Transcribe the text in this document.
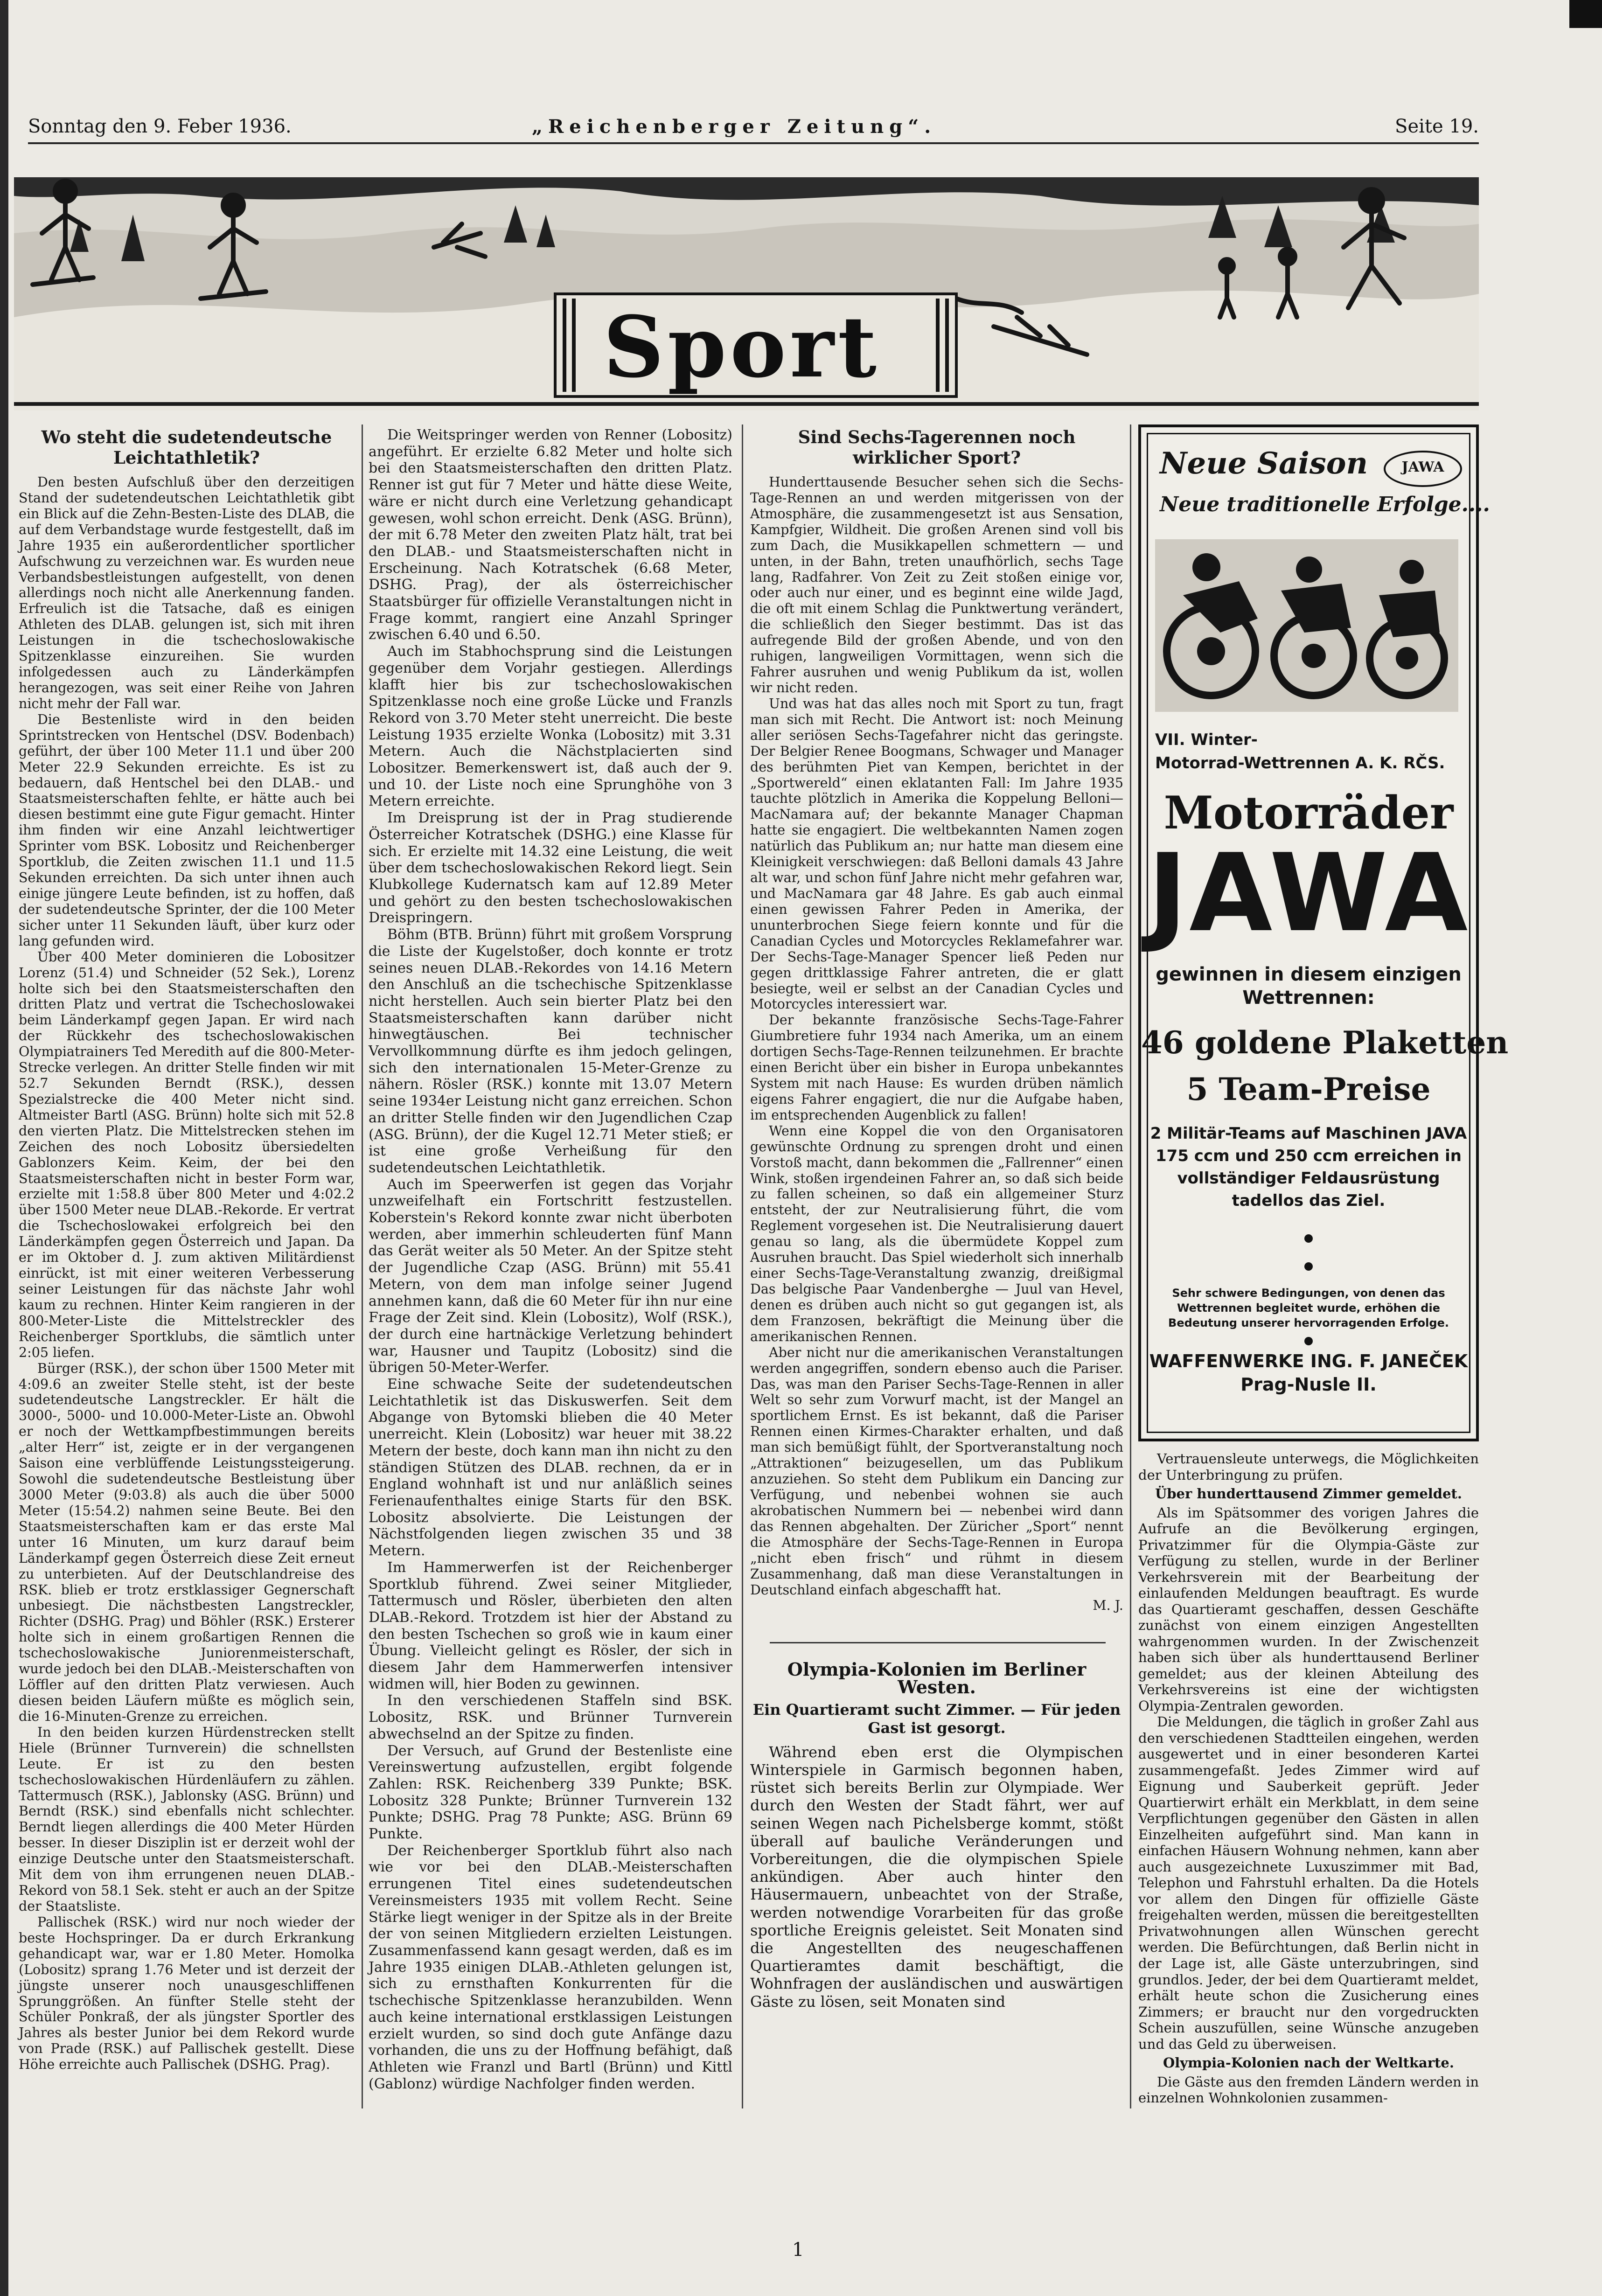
Sonntag den 9. Feber 1936.	„Reichenberger Zeitung“.	Seite 19.
Sport
Wo steht die sudetendeutsche Leichtathletik?

Den besten Aufschluß über den derzeitigen Stand der sudetendeutschen Leichtathletik gibt ein Blick auf die Zehn-Besten-Liste des DLAB, die auf dem Verbandstage wurde festgestellt, daß im Jahre 1935 ein außerordentlicher sportlicher Aufschwung zu verzeichnen war. Es wurden neue Verbandsbestleistungen aufgestellt, von denen allerdings noch nicht alle Anerkennung fanden. Erfreulich ist die Tatsache, daß es einigen Athleten des DLAB. gelungen ist, sich mit ihren Leistungen in die tschechoslowakische Spitzenklasse einzureihen. Sie wurden infolgedessen auch zu Länderkämpfen herangezogen, was seit einer Reihe von Jahren nicht mehr der Fall war.

Die Bestenliste wird in den beiden Sprintstrecken von Hentschel (DSV. Bodenbach) geführt, der über 100 Meter 11.1 und über 200 Meter 22.9 Sekunden erreichte. Es ist zu bedauern, daß Hentschel bei den DLAB.- und Staatsmeisterschaften fehlte, er hätte auch bei diesen bestimmt eine gute Figur gemacht. Hinter ihm finden wir eine Anzahl leichtwertiger Sprinter vom BSK. Lobositz und Reichenberger Sportklub, die Zeiten zwischen 11.1 und 11.5 Sekunden erreichten. Da sich unter ihnen auch einige jüngere Leute befinden, ist zu hoffen, daß der sudetendeutsche Sprinter, der die 100 Meter sicher unter 11 Sekunden läuft, über kurz oder lang gefunden wird.

Über 400 Meter dominieren die Lobositzer Lorenz (51.4) und Schneider (52 Sek.), Lorenz holte sich bei den Staatsmeisterschaften den dritten Platz und vertrat die Tschechoslowakei beim Länderkampf gegen Japan. Er wird nach der Rückkehr des tschechoslowakischen Olympiatrainers Ted Meredith auf die 800-Meter-Strecke verlegen. An dritter Stelle finden wir mit 52.7 Sekunden Berndt (RSK.), dessen Spezialstrecke die 400 Meter nicht sind. Altmeister Bartl (ASG. Brünn) holte sich mit 52.8 den vierten Platz. Die Mittelstrecken stehen im Zeichen des noch Lobositz übersiedelten Gablonzers Keim. Keim, der bei den Staatsmeisterschaften nicht in bester Form war, erzielte mit 1:58.8 über 800 Meter und 4:02.2 über 1500 Meter neue DLAB.-Rekorde. Er vertrat die Tschechoslowakei erfolgreich bei den Länderkämpfen gegen Österreich und Japan. Da er im Oktober d. J. zum aktiven Militärdienst einrückt, ist mit einer weiteren Verbesserung seiner Leistungen für das nächste Jahr wohl kaum zu rechnen. Hinter Keim rangieren in der 800-Meter-Liste die Mittelstreckler des Reichenberger Sportklubs, die sämtlich unter 2:05 liefen.

Bürger (RSK.), der schon über 1500 Meter mit 4:09.6 an zweiter Stelle steht, ist der beste sudetendeutsche Langstreckler. Er hält die 3000-, 5000- und 10.000-Meter-Liste an. Obwohl er noch der Wettkampfbestimmungen bereits „alter Herr“ ist, zeigte er in der vergangenen Saison eine verblüffende Leistungssteigerung. Sowohl die sudetendeutsche Bestleistung über 3000 Meter (9:03.8) als auch die über 5000 Meter (15:54.2) nahmen seine Beute. Bei den Staatsmeisterschaften kam er das erste Mal unter 16 Minuten, um kurz darauf beim Länderkampf gegen Österreich diese Zeit erneut zu unterbieten. Auf der Deutschlandreise des RSK. blieb er trotz erstklassiger Gegnerschaft unbesiegt. Die nächstbesten Langstreckler, Richter (DSHG. Prag) und Böhler (RSK.) Ersterer holte sich in einem großartigen Rennen die tschechoslowakische Juniorenmeisterschaft, wurde jedoch bei den DLAB.-Meisterschaften von Löffler auf den dritten Platz verwiesen. Auch diesen beiden Läufern müßte es möglich sein, die 16-Minuten-Grenze zu erreichen.

In den beiden kurzen Hürdenstrecken stellt Hiele (Brünner Turnverein) die schnellsten Leute. Er ist zu den besten tschechoslowakischen Hürdenläufern zu zählen. Tattermusch (RSK.), Jablonsky (ASG. Brünn) und Berndt (RSK.) sind ebenfalls nicht schlechter. Berndt liegen allerdings die 400 Meter Hürden besser. In dieser Disziplin ist er derzeit wohl der einzige Deutsche unter den Staatsmeisterschaft. Mit dem von ihm errungenen neuen DLAB.-Rekord von 58.1 Sek. steht er auch an der Spitze der Staatsliste.

Pallischek (RSK.) wird nur noch wieder der beste Hochspringer. Da er durch Erkrankung gehandicapt war, war er 1.80 Meter. Homolka (Lobositz) sprang 1.76 Meter und ist derzeit der jüngste unserer noch unausgeschliffenen Sprunggrößen. An fünfter Stelle steht der Schüler Ponkraß, der als jüngster Sportler des Jahres als bester Junior bei dem Rekord wurde von Prade (RSK.) auf Pallischek gestellt. Diese Höhe erreichte auch Pallischek (DSHG. Prag).

Die Weitspringer werden von Renner (Lobositz) angeführt. Er erzielte 6.82 Meter und holte sich bei den Staatsmeisterschaften den dritten Platz. Renner ist gut für 7 Meter und hätte diese Weite, wäre er nicht durch eine Verletzung gehandicapt gewesen, wohl schon erreicht. Denk (ASG. Brünn), der mit 6.78 Meter den zweiten Platz hält, trat bei den DLAB.- und Staatsmeisterschaften nicht in Erscheinung. Nach Kotratschek (6.68 Meter, DSHG. Prag), der als österreichischer Staatsbürger für offizielle Veranstaltungen nicht in Frage kommt, rangiert eine Anzahl Springer zwischen 6.40 und 6.50.

Auch im Stabhochsprung sind die Leistungen gegenüber dem Vorjahr gestiegen. Allerdings klafft hier bis zur tschechoslowakischen Spitzenklasse noch eine große Lücke und Franzls Rekord von 3.70 Meter steht unerreicht. Die beste Leistung 1935 erzielte Wonka (Lobositz) mit 3.31 Metern. Auch die Nächstplacierten sind Lobositzer. Bemerkenswert ist, daß auch der 9. und 10. der Liste noch eine Sprunghöhe von 3 Metern erreichte.

Im Dreisprung ist der in Prag studierende Österreicher Kotratschek (DSHG.) eine Klasse für sich. Er erzielte mit 14.32 eine Leistung, die weit über dem tschechoslowakischen Rekord liegt. Sein Klubkollege Kudernatsch kam auf 12.89 Meter und gehört zu den besten tschechoslowakischen Dreispringern.

Böhm (BTB. Brünn) führt mit großem Vorsprung die Liste der Kugelstoßer, doch konnte er trotz seines neuen DLAB.-Rekordes von 14.16 Metern den Anschluß an die tschechische Spitzenklasse nicht herstellen. Auch sein bierter Platz bei den Staatsmeisterschaften kann darüber nicht hinwegtäuschen. Bei technischer Vervollkommnung dürfte es ihm jedoch gelingen, sich den internationalen 15-Meter-Grenze zu nähern. Rösler (RSK.) konnte mit 13.07 Metern seine 1934er Leistung nicht ganz erreichen. Schon an dritter Stelle finden wir den Jugendlichen Czap (ASG. Brünn), der die Kugel 12.71 Meter stieß; er ist eine große Verheißung für den sudetendeutschen Leichtathletik.

Auch im Speerwerfen ist gegen das Vorjahr unzweifelhaft ein Fortschritt festzustellen. Koberstein's Rekord konnte zwar nicht überboten werden, aber immerhin schleuderten fünf Mann das Gerät weiter als 50 Meter. An der Spitze steht der Jugendliche Czap (ASG. Brünn) mit 55.41 Metern, von dem man infolge seiner Jugend annehmen kann, daß die 60 Meter für ihn nur eine Frage der Zeit sind. Klein (Lobositz), Wolf (RSK.), der durch eine hartnäckige Verletzung behindert war, Hausner und Taupitz (Lobositz) sind die übrigen 50-Meter-Werfer.

Eine schwache Seite der sudetendeutschen Leichtathletik ist das Diskuswerfen. Seit dem Abgange von Bytomski blieben die 40 Meter unerreicht. Klein (Lobositz) war heuer mit 38.22 Metern der beste, doch kann man ihn nicht zu den ständigen Stützen des DLAB. rechnen, da er in England wohnhaft ist und nur anläßlich seines Ferienaufenthaltes einige Starts für den BSK. Lobositz absolvierte. Die Leistungen der Nächstfolgenden liegen zwischen 35 und 38 Metern.

Im Hammerwerfen ist der Reichenberger Sportklub führend. Zwei seiner Mitglieder, Tattermusch und Rösler, überbieten den alten DLAB.-Rekord. Trotzdem ist hier der Abstand zu den besten Tschechen so groß wie in kaum einer Übung. Vielleicht gelingt es Rösler, der sich in diesem Jahr dem Hammerwerfen intensiver widmen will, hier Boden zu gewinnen.

In den verschiedenen Staffeln sind BSK. Lobositz, RSK. und Brünner Turnverein abwechselnd an der Spitze zu finden.

Der Versuch, auf Grund der Bestenliste eine Vereinswertung aufzustellen, ergibt folgende Zahlen: RSK. Reichenberg 339 Punkte; BSK. Lobositz 328 Punkte; Brünner Turnverein 132 Punkte; DSHG. Prag 78 Punkte; ASG. Brünn 69 Punkte.

Der Reichenberger Sportklub führt also nach wie vor bei den DLAB.-Meisterschaften errungenen Titel eines sudetendeutschen Vereinsmeisters 1935 mit vollem Recht. Seine Stärke liegt weniger in der Spitze als in der Breite der von seinen Mitgliedern erzielten Leistungen. Zusammenfassend kann gesagt werden, daß es im Jahre 1935 einigen DLAB.-Athleten gelungen ist, sich zu ernsthaften Konkurrenten für die tschechische Spitzenklasse heranzubilden. Wenn auch keine international erstklassigen Leistungen erzielt wurden, so sind doch gute Anfänge dazu vorhanden, die uns zu der Hoffnung befähigt, daß Athleten wie Franzl und Bartl (Brünn) und Kittl (Gablonz) würdige Nachfolger finden werden.

Sind Sechs-Tagerennen noch wirklicher Sport?

Hunderttausende Besucher sehen sich die Sechs-Tage-Rennen an und werden mitgerissen von der Atmosphäre, die zusammengesetzt ist aus Sensation, Kampfgier, Wildheit. Die großen Arenen sind voll bis zum Dach, die Musikkapellen schmettern — und unten, in der Bahn, treten unaufhörlich, sechs Tage lang, Radfahrer. Von Zeit zu Zeit stoßen einige vor, oder auch nur einer, und es beginnt eine wilde Jagd, die oft mit einem Schlag die Punktwertung verändert, die schließlich den Sieger bestimmt. Das ist das aufregende Bild der großen Abende, und von den ruhigen, langweiligen Vormittagen, wenn sich die Fahrer ausruhen und wenig Publikum da ist, wollen wir nicht reden.

Und was hat das alles noch mit Sport zu tun, fragt man sich mit Recht. Die Antwort ist: noch Meinung aller seriösen Sechs-Tagefahrer nicht das geringste. Der Belgier Renee Boogmans, Schwager und Manager des berühmten Piet van Kempen, berichtet in der „Sportwereld“ einen eklatanten Fall: Im Jahre 1935 tauchte plötzlich in Amerika die Koppelung Belloni—MacNamara auf; der bekannte Manager Chapman hatte sie engagiert. Die weltbekannten Namen zogen natürlich das Publikum an; nur hatte man diesem eine Kleinigkeit verschwiegen: daß Belloni damals 43 Jahre alt war, und schon fünf Jahre nicht mehr gefahren war, und MacNamara gar 48 Jahre. Es gab auch einmal einen gewissen Fahrer Peden in Amerika, der ununterbrochen Siege feiern konnte und für die Canadian Cycles und Motorcycles Reklamefahrer war. Der Sechs-Tage-Manager Spencer ließ Peden nur gegen drittklassige Fahrer antreten, die er glatt besiegte, weil er selbst an der Canadian Cycles und Motorcycles interessiert war.

Der bekannte französische Sechs-Tage-Fahrer Giumbretiere fuhr 1934 nach Amerika, um an einem dortigen Sechs-Tage-Rennen teilzunehmen. Er brachte einen Bericht über ein bisher in Europa unbekanntes System mit nach Hause: Es wurden drüben nämlich eigens Fahrer engagiert, die nur die Aufgabe haben, im entsprechenden Augenblick zu fallen!

Wenn eine Koppel die von den Organisatoren gewünschte Ordnung zu sprengen droht und einen Vorstoß macht, dann bekommen die „Fallrenner“ einen Wink, stoßen irgendeinen Fahrer an, so daß sich beide zu fallen scheinen, so daß ein allgemeiner Sturz entsteht, der zur Neutralisierung führt, die vom Reglement vorgesehen ist. Die Neutralisierung dauert genau so lang, als die übermüdete Koppel zum Ausruhen braucht. Das Spiel wiederholt sich innerhalb einer Sechs-Tage-Veranstaltung zwanzig, dreißigmal Das belgische Paar Vandenberghe — Juul van Hevel, denen es drüben auch nicht so gut gegangen ist, als dem Franzosen, bekräftigt die Meinung über die amerikanischen Rennen.

Aber nicht nur die amerikanischen Veranstaltungen werden angegriffen, sondern ebenso auch die Pariser. Das, was man den Pariser Sechs-Tage-Rennen in aller Welt so sehr zum Vorwurf macht, ist der Mangel an sportlichem Ernst. Es ist bekannt, daß die Pariser Rennen einen Kirmes-Charakter erhalten, und daß man sich bemüßigt fühlt, der Sportveranstaltung noch „Attraktionen“ beizugesellen, um das Publikum anzuziehen. So steht dem Publikum ein Dancing zur Verfügung, und nebenbei wohnen sie auch akrobatischen Nummern bei — nebenbei wird dann das Rennen abgehalten. Der Züricher „Sport“ nennt die Atmosphäre der Sechs-Tage-Rennen in Europa „nicht eben frisch“ und rühmt in diesem Zusammenhang, daß man diese Veranstaltungen in Deutschland einfach abgeschafft hat.

M. J.

Olympia-Kolonien im Berliner Westen.
Ein Quartieramt sucht Zimmer. — Für jeden Gast ist gesorgt.

Während eben erst die Olympischen Winterspiele in Garmisch begonnen haben, rüstet sich bereits Berlin zur Olympiade. Wer durch den Westen der Stadt fährt, wer auf seinen Wegen nach Pichelsberge kommt, stößt überall auf bauliche Veränderungen und Vorbereitungen, die die olympischen Spiele ankündigen. Aber auch hinter den Häusermauern, unbeachtet von der Straße, werden notwendige Vorarbeiten für das große sportliche Ereignis geleistet. Seit Monaten sind die Angestellten des neugeschaffenen Quartieramtes damit beschäftigt, die Wohnfragen der ausländischen und auswärtigen Gäste zu lösen, seit Monaten sind

Neue Saison	JAWA
Neue traditionelle Erfolge....
VII. Winter-
Motorrad-Wettrennen A. K. RČS.
Motorräder
JAWA
gewinnen in diesem einzigen
Wettrennen:
46 goldene Plaketten
5 Team-Preise
2 Militär-Teams auf Maschinen JAVA 175 ccm und 250 ccm erreichen in vollständiger Feldausrüstung tadellos das Ziel.
Sehr schwere Bedingungen, von denen das Wettrennen begleitet wurde, erhöhen die Bedeutung unserer hervorragenden Erfolge.
WAFFENWERKE ING. F. JANEČEK
Prag-Nusle II.

Vertrauensleute unterwegs, die Möglichkeiten der Unterbringung zu prüfen.

Über hunderttausend Zimmer gemeldet.

Als im Spätsommer des vorigen Jahres die Aufrufe an die Bevölkerung ergingen, Privatzimmer für die Olympia-Gäste zur Verfügung zu stellen, wurde in der Berliner Verkehrsverein mit der Bearbeitung der einlaufenden Meldungen beauftragt. Es wurde das Quartieramt geschaffen, dessen Geschäfte zunächst von einem einzigen Angestellten wahrgenommen wurden. In der Zwischenzeit haben sich über als hunderttausend Berliner gemeldet; aus der kleinen Abteilung des Verkehrsvereins ist eine der wichtigsten Olympia-Zentralen geworden.

Die Meldungen, die täglich in großer Zahl aus den verschiedenen Stadtteilen eingehen, werden ausgewertet und in einer besonderen Kartei zusammengefaßt. Jedes Zimmer wird auf Eignung und Sauberkeit geprüft. Jeder Quartierwirt erhält ein Merkblatt, in dem seine Verpflichtungen gegenüber den Gästen in allen Einzelheiten aufgeführt sind. Man kann in einfachen Häusern Wohnung nehmen, kann aber auch ausgezeichnete Luxuszimmer mit Bad, Telephon und Fahrstuhl erhalten. Da die Hotels vor allem den Dingen für offizielle Gäste freigehalten werden, müssen die bereitgestellten Privatwohnungen allen Wünschen gerecht werden. Die Befürchtungen, daß Berlin nicht in der Lage ist, alle Gäste unterzubringen, sind grundlos. Jeder, der bei dem Quartieramt meldet, erhält heute schon die Zusicherung eines Zimmers; er braucht nur den vorgedruckten Schein auszufüllen, seine Wünsche anzugeben und das Geld zu überweisen.

Olympia-Kolonien nach der Weltkarte.

Die Gäste aus den fremden Ländern werden in einzelnen Wohnkolonien zusammen-

1
